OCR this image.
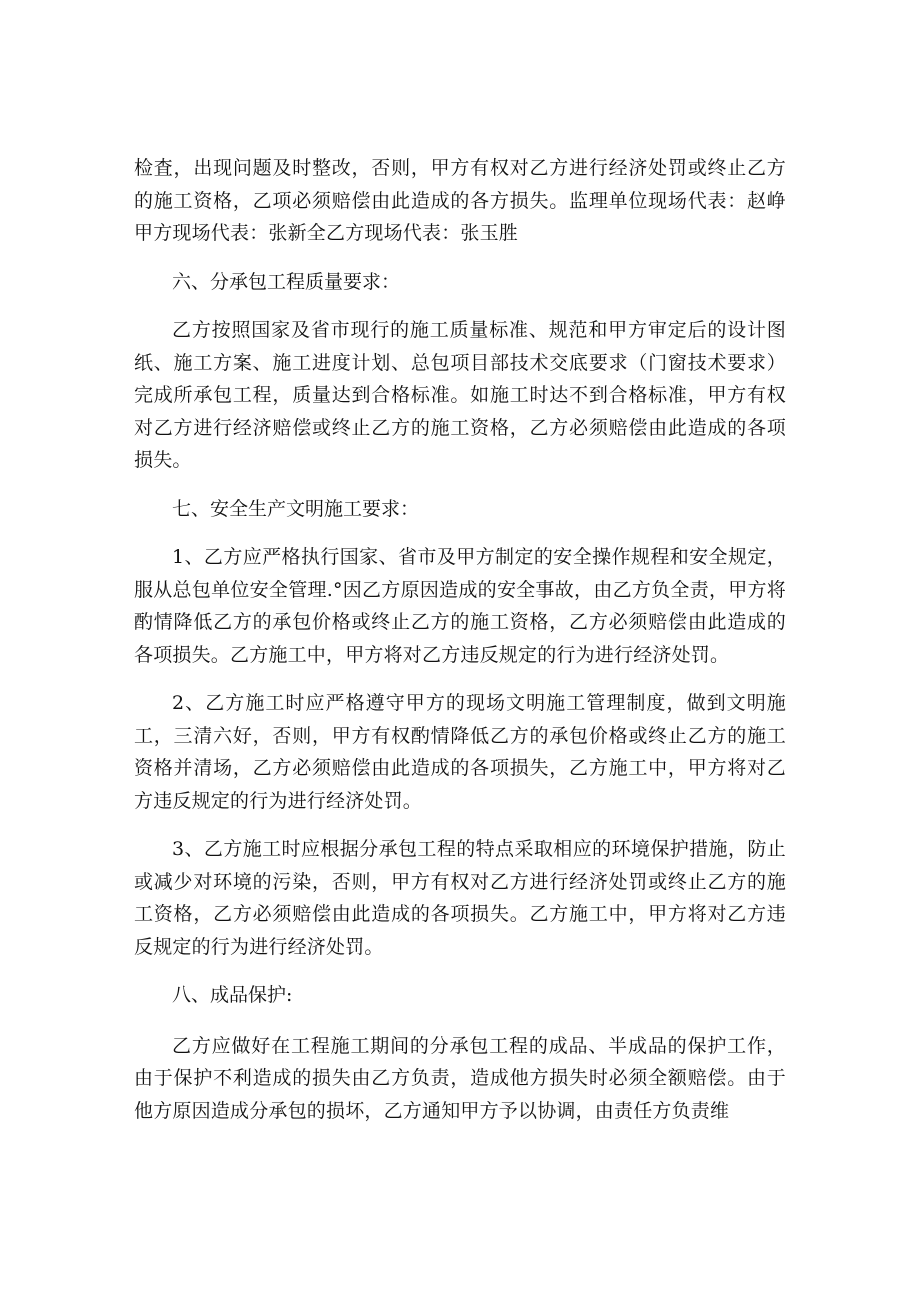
检査，出现问题及时整改，否则，甲方有权对乙方进行经济处罚或终止乙方的施工资格，乙项必须赔偿由此造成的各方损失。监理单位现场代表：赵峥甲方现场代表：张新全乙方现场代表：张玉胜

六、分承包工程质量要求：

乙方按照国家及省市现行的施工质量标准、规范和甲方审定后的设计图纸、施工方案、施工进度计划、总包项目部技术交底要求（门窗技术要求）完成所承包工程，质量达到合格标准。如施工时达不到合格标准，甲方有权对乙方进行经济赔偿或终止乙方的施工资格，乙方必须赔偿由此造成的各项损失。

七、安全生产文明施工要求：

1、乙方应严格执行国家、省市及甲方制定的安全操作规程和安全规定，服从总包单位安全管理.°因乙方原因造成的安全事故，由乙方负全责，甲方将酌情降低乙方的承包价格或终止乙方的施工资格，乙方必须赔偿由此造成的各项损失。乙方施工中，甲方将对乙方违反规定的行为进行经济处罚。

2、乙方施工时应严格遵守甲方的现场文明施工管理制度，做到文明施工，三清六好，否则，甲方有权酌情降低乙方的承包价格或终止乙方的施工资格并清场，乙方必须赔偿由此造成的各项损失，乙方施工中，甲方将对乙方违反规定的行为进行经济处罚。

3、乙方施工时应根据分承包工程的特点采取相应的环境保护措施，防止或减少对环境的污染，否则，甲方有权对乙方进行经济处罚或终止乙方的施工资格，乙方必须赔偿由此造成的各项损失。乙方施工中，甲方将对乙方违反规定的行为进行经济处罚。

八、成品保护:

乙方应做好在工程施工期间的分承包工程的成品、半成品的保护工作，由于保护不利造成的损失由乙方负责，造成他方损失时必须全额赔偿。由于他方原因造成分承包的损坏，乙方通知甲方予以协调，由责任方负责维
